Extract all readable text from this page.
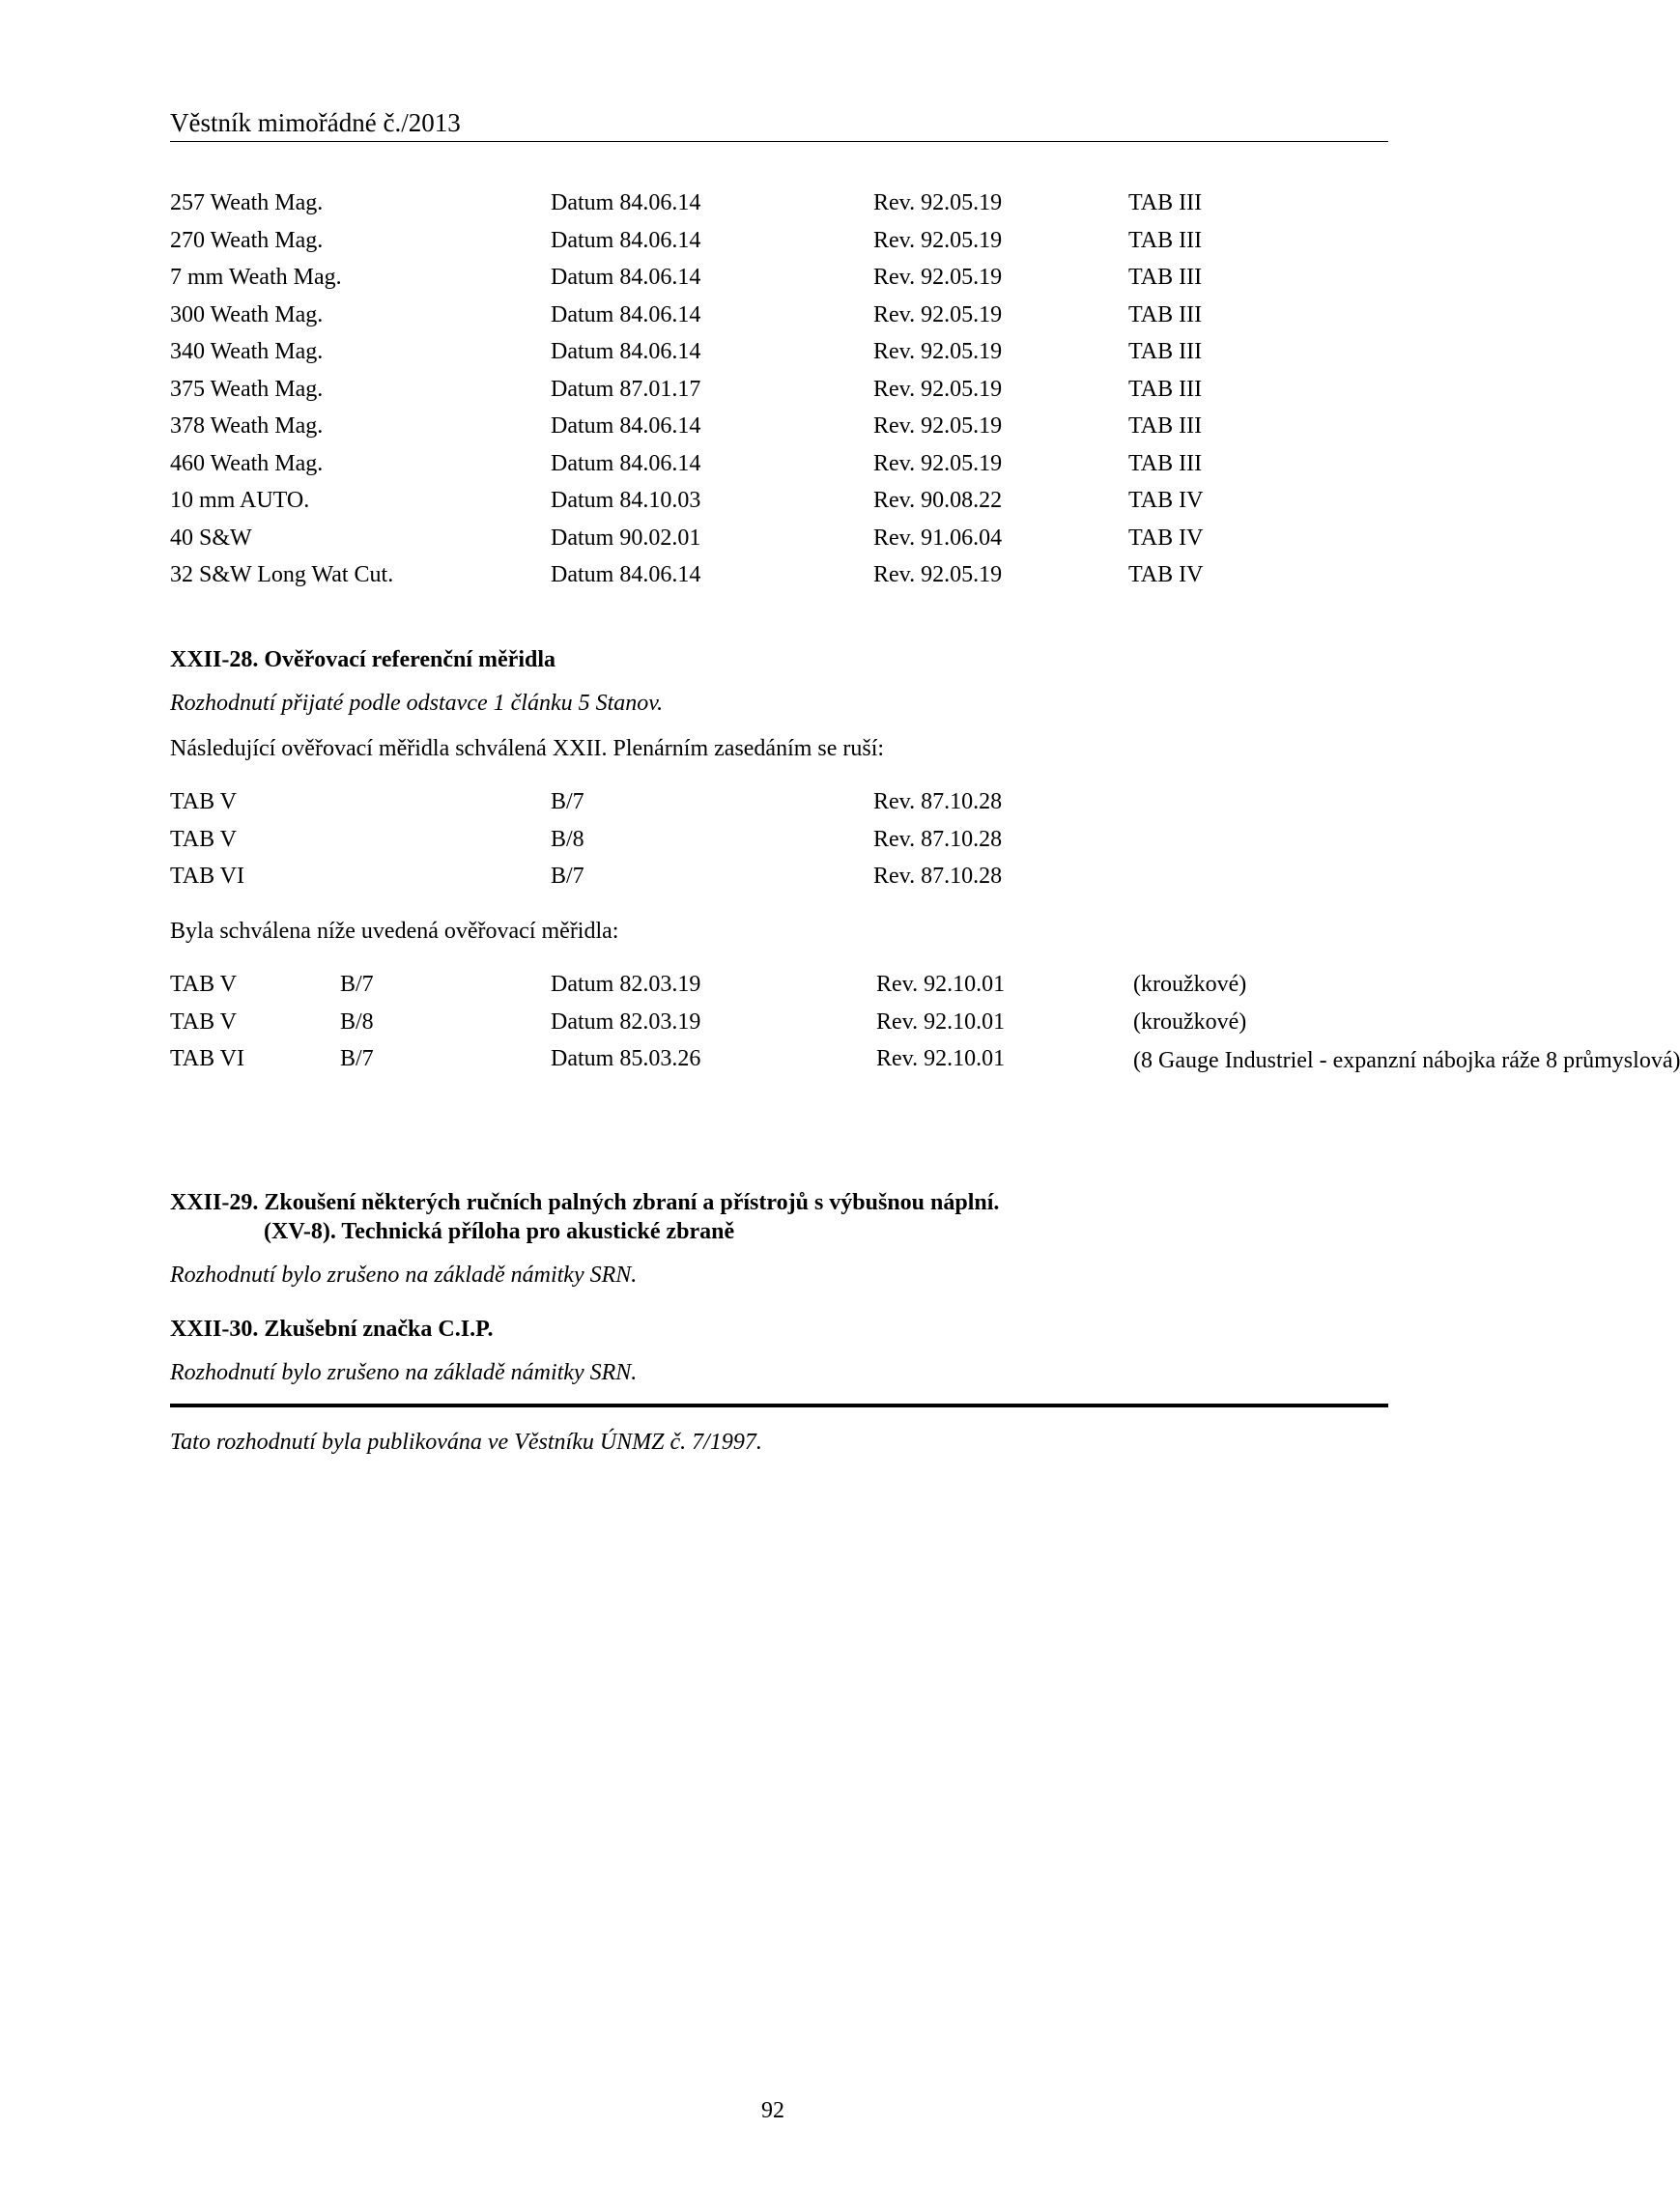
Věstník mimořádné č./2013
257 Weath Mag.	Datum 84.06.14	Rev. 92.05.19	TAB III
270 Weath Mag.	Datum 84.06.14	Rev. 92.05.19	TAB III
7 mm Weath Mag.	Datum 84.06.14	Rev. 92.05.19	TAB III
300 Weath Mag.	Datum 84.06.14	Rev. 92.05.19	TAB III
340 Weath Mag.	Datum 84.06.14	Rev. 92.05.19	TAB III
375 Weath Mag.	Datum 87.01.17	Rev. 92.05.19	TAB III
378 Weath Mag.	Datum 84.06.14	Rev. 92.05.19	TAB III
460 Weath Mag.	Datum 84.06.14	Rev. 92.05.19	TAB III
10 mm AUTO.	Datum 84.10.03	Rev. 90.08.22	TAB IV
40 S&W	Datum 90.02.01	Rev. 91.06.04	TAB IV
32 S&W Long Wat Cut.	Datum 84.06.14	Rev. 92.05.19	TAB IV
XXII-28. Ověřovací referenční měřidla
Rozhodnutí přijaté podle odstavce 1 článku 5 Stanov.
Následující ověřovací měřidla schválená XXII. Plenárním zasedáním se ruší:
TAB V	B/7	Rev. 87.10.28
TAB V	B/8	Rev. 87.10.28
TAB VI	B/7	Rev. 87.10.28
Byla schválena níže uvedená ověřovací měřidla:
TAB V	B/7	Datum 82.03.19	Rev. 92.10.01	(kroužkové)
TAB V	B/8	Datum 82.03.19	Rev. 92.10.01	(kroužkové)
TAB VI	B/7	Datum 85.03.26	Rev. 92.10.01	(8 Gauge Industriel - expanzní nábojka ráže 8 průmyslová)
XXII-29. Zkoušení některých ručních palných zbraní a přístrojů s výbušnou náplní.
(XV-8). Technická příloha pro akustické zbraně
Rozhodnutí bylo zrušeno na základě námitky SRN.
XXII-30. Zkušební značka C.I.P.
Rozhodnutí bylo zrušeno na základě námitky SRN.
Tato rozhodnutí byla publikována ve Věstníku ÚNMZ č. 7/1997.
92
